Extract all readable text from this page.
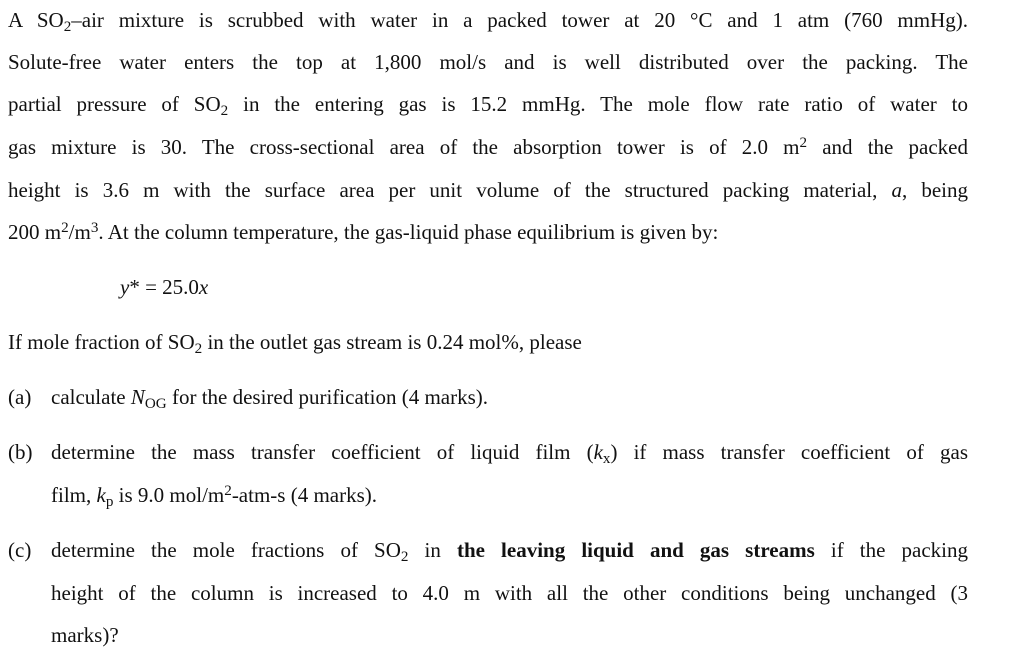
A $SO_2$–air mixture is scrubbed with water in a packed tower at 20 °C and 1 atm (760 mmHg).
Solute-free water enters the top at 1,800 mol/s and is well distributed over the packing. The
partial pressure of $SO_2$ in the entering gas is 15.2 mmHg. The mole flow rate ratio of water to
gas mixture is 30. The cross-sectional area of the absorption tower is of 2.0 $m^2$ and the packed
height is 3.6 m with the surface area per unit volume of the structured packing material, a, being
200 $m^2/m^3$. At the column temperature, the gas-liquid phase equilibrium is given by:
y* = 25.0x
If mole fraction of $SO_2$ in the outlet gas stream is 0.24 mol%, please
(a) calculate $N_{OG}$ for the desired purification (4 marks).
(b) determine the mass transfer coefficient of liquid film $(k_x)$ if mass transfer coefficient of gas
film, $k_p$ is 9.0 mol/$m^2-atm-s$ (4 marks).
(c) determine the mole fractions of $SO_2$ in the leaving liquid and gas streams if the packing
height of the column is increased to 4.0 m with all the other conditions being unchanged (3
marks)?
